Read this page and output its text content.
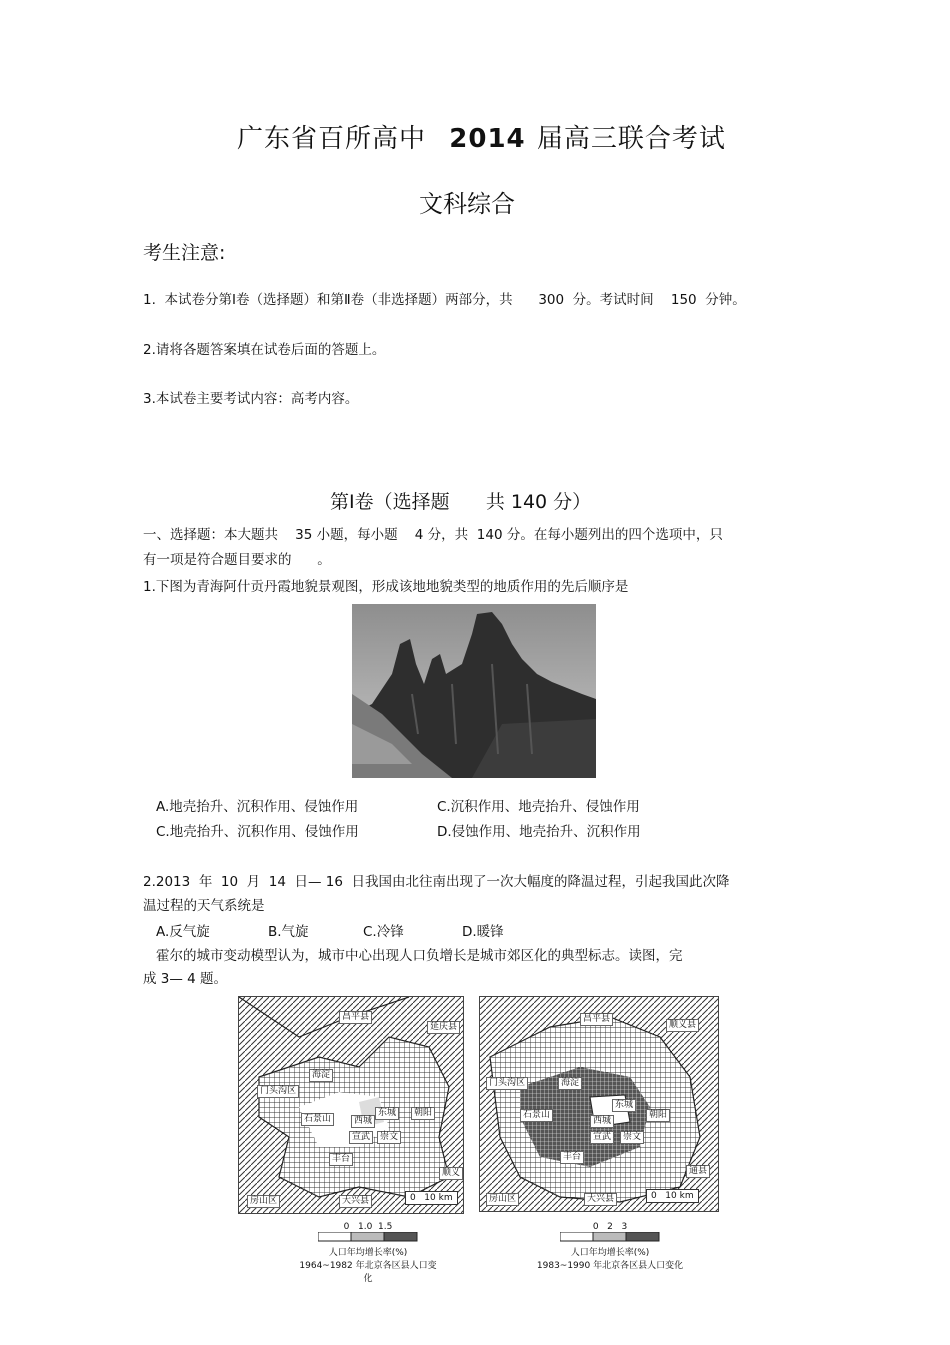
广东省百所高中 2014 届高三联合考试
文科综合
考生注意:
1.  本试卷分第Ⅰ卷（选择题）和第Ⅱ卷（非选择题）两部分，共      300  分。考试时间    150  分钟。
2.请将各题答案填在试卷后面的答题上。
3.本试卷主要考试内容：高考内容。
第Ⅰ卷（选择题      共 140 分）
一、选择题：本大题共    35 小题，每小题    4 分，共  140 分。在每小题列出的四个选项中，只
有一项是符合题目要求的      。
1.下图为青海阿什贡丹霞地貌景观图，形成该地地貌类型的地质作用的先后顺序是
A.地壳抬升、沉积作用、侵蚀作用	C.沉积作用、地壳抬升、侵蚀作用
C.地壳抬升、沉积作用、侵蚀作用	D.侵蚀作用、地壳抬升、沉积作用
2.2013  年  10  月  14  日— 16  日我国由北往南出现了一次大幅度的降温过程，引起我国此次降
温过程的天气系统是
A.反气旋	B.气旋	C.冷锋	D.暖锋
霍尔的城市变动模型认为，城市中心出现人口负增长是城市郊区化的典型标志。读图，完
成 3— 4 题。
昌平县
延庆县
门头沟区
海淀
石景山	西城
东城
宣武	崇文
丰台
朝阳
顺义
房山区	大兴县	0   10 km
昌平县
顺义县
门头沟区	海淀
石景山
东城
西城
宣武	崇文
朝阳
丰台
通县
房山区	大兴县	0   10 km
0   1.0  1.5
人口年均增长率(%)
1964~1982 年北京各区县人口变化
0   2   3
人口年均增长率(%)
1983~1990 年北京各区县人口变化
